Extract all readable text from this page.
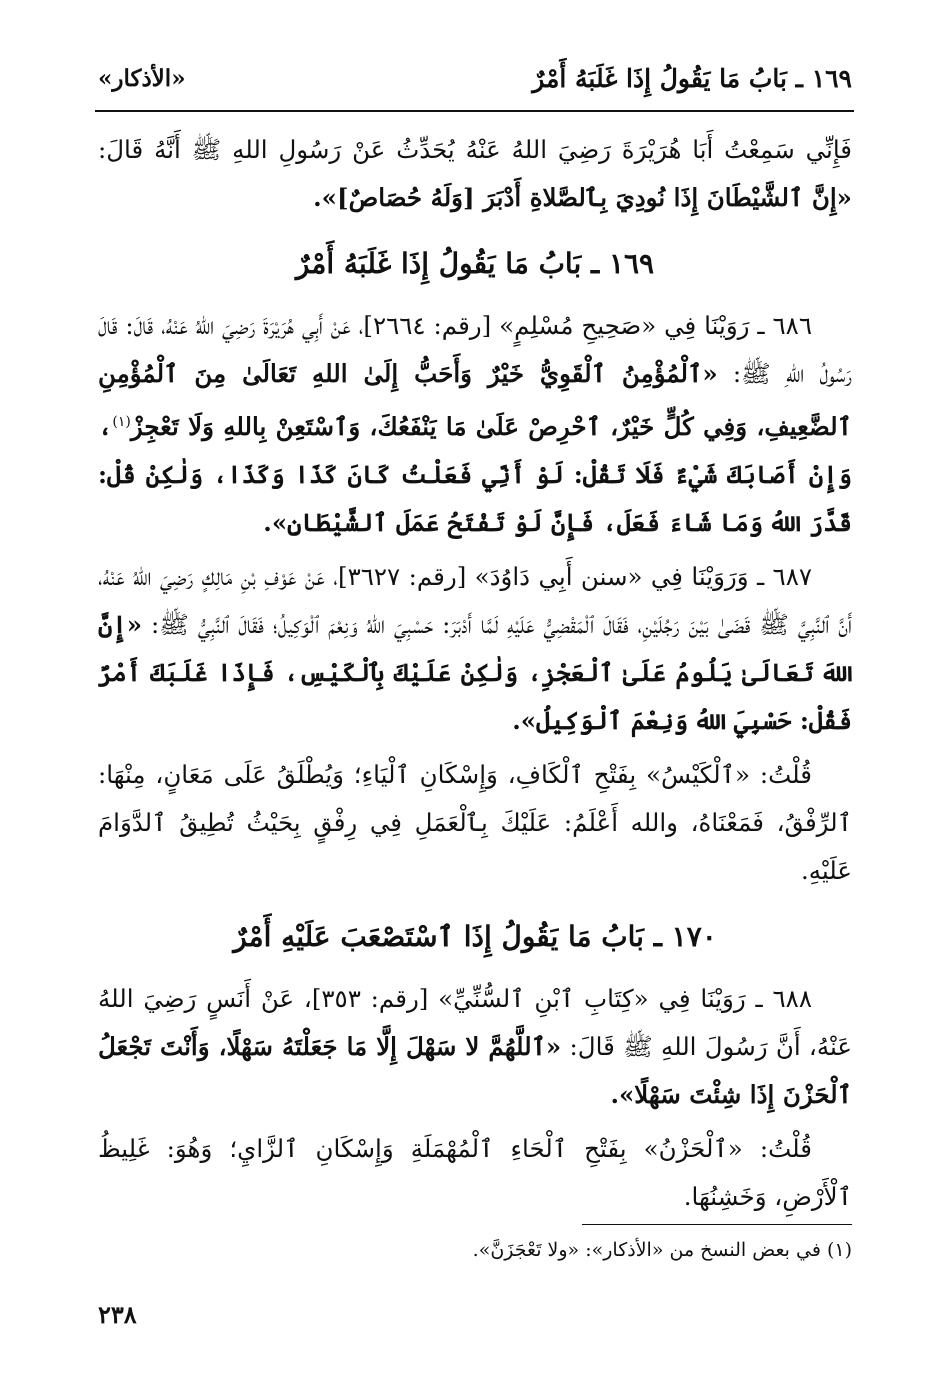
١٦٩ ـ بَابُ مَا يَقُولُ إِذَا غَلَبَهُ أَمْرٌ
«الأذكار»

فَإِنِّي سَمِعْتُ أَبَا هُرَيْرَةَ رَضِيَ اللهُ عَنْهُ يُحَدِّثُ عَنْ رَسُولِ اللهِ ﷺ أَنَّهُ قَالَ: «إِنَّ ٱلشَّيْطَانَ إِذَا نُودِيَ بِٱلصَّلاةِ أَدْبَرَ [وَلَهُ حُصَاصٌ]».

١٦٩ ـ بَابُ مَا يَقُولُ إِذَا غَلَبَهُ أَمْرٌ

٦٨٦ ـ رَوَيْنَا فِي «صَحِيحِ مُسْلِمٍ» [رقم: ٢٦٦٤]، عَنْ أَبِي هُرَيْرَةَ رَضِيَ اللهُ عَنْهُ، قَالَ: قَالَ رَسُولُ اللهِ ﷺ: «ٱلْمُؤْمِنُ ٱلْقَوِيُّ خَيْرٌ وَأَحَبُّ إِلَىٰ اللهِ تَعَالَىٰ مِنَ ٱلْمُؤْمِنِ ٱلضَّعِيفِ، وَفِي كُلٍّ خَيْرٌ، ٱحْرِصْ عَلَىٰ مَا يَنْفَعُكَ، وَٱسْتَعِنْ بِاللهِ وَلَا تَعْجِزْ$^{(١)}$، وَإِنْ أَصَابَكَ شَيْءٌ فَلَا تَقُلْ: لَوْ أَنِّي فَعَلْتُ كَانَ كَذَا وَكَذَا، وَلٰكِنْ قُلْ: قَدَّرَ اللهُ وَمَا شَاءَ فَعَلَ، فَإِنَّ لَوْ تَفْتَحُ عَمَلَ ٱلشَّيْطَانِ».

٦٨٧ ـ وَرَوَيْنَا فِي «سنن أَبِي دَاوُدَ» [رقم: ٣٦٢٧]، عَنْ عَوْفِ بْنِ مَالِكٍ رَضِيَ اللهُ عَنْهُ، أَنَّ ٱلنَّبِيَّ ﷺ قَضَىٰ بَيْنَ رَجُلَيْنِ، فَقَالَ ٱلْمَقْضِيُّ عَلَيْهِ لَمَّا أَدْبَرَ: حَسْبِيَ اللهُ وَنِعْمَ ٱلْوَكِيلُ؛ فَقَالَ ٱلنَّبِيُّ ﷺ: «إِنَّ اللهَ تَعَالَىٰ يَلُومُ عَلَىٰ ٱلْعَجْزِ، وَلٰكِنْ عَلَيْكَ بِٱلْكَيْسِ، فَإِذَا غَلَبَكَ أَمْرٌ فَقُلْ: حَسْبِيَ اللهُ وَنِعْمَ ٱلْوَكِيلُ».

قُلْتُ: «ٱلْكَيْسُ» بِفَتْحِ ٱلْكَافِ، وَإِسْكَانِ ٱلْيَاءِ؛ وَيُطْلَقُ عَلَى مَعَانٍ، مِنْهَا: ٱلرِّفْقُ، فَمَعْنَاهُ، والله أَعْلَمُ: عَلَيْكَ بِٱلْعَمَلِ فِي رِفْقٍ بِحَيْثُ تُطِيقُ ٱلدَّوَامَ عَلَيْهِ.

١٧٠ ـ بَابُ مَا يَقُولُ إِذَا ٱسْتَصْعَبَ عَلَيْهِ أَمْرٌ

٦٨٨ ـ رَوَيْنَا فِي «كِتَابِ ٱبْنِ ٱلسُّنِّيِّ» [رقم: ٣٥٣]، عَنْ أَنَسٍ رَضِيَ اللهُ عَنْهُ، أَنَّ رَسُولَ اللهِ ﷺ قَالَ: «ٱللَّهُمَّ لا سَهْلَ إِلَّا مَا جَعَلْتَهُ سَهْلًا، وَأَنْتَ تَجْعَلُ ٱلْحَزْنَ إِذَا شِئْتَ سَهْلًا».

قُلْتُ: «ٱلْحَزْنُ» بِفَتْحِ ٱلْحَاءِ ٱلْمُهْمَلَةِ وَإِسْكَانِ ٱلزَّايِ؛ وَهُوَ: غَلِيظُ ٱلْأَرْضِ، وَخَشِنُهَا.

(١) في بعض النسخ من «الأذكار»: «ولا تَعْجَزَنَّ».
٢٣٨
